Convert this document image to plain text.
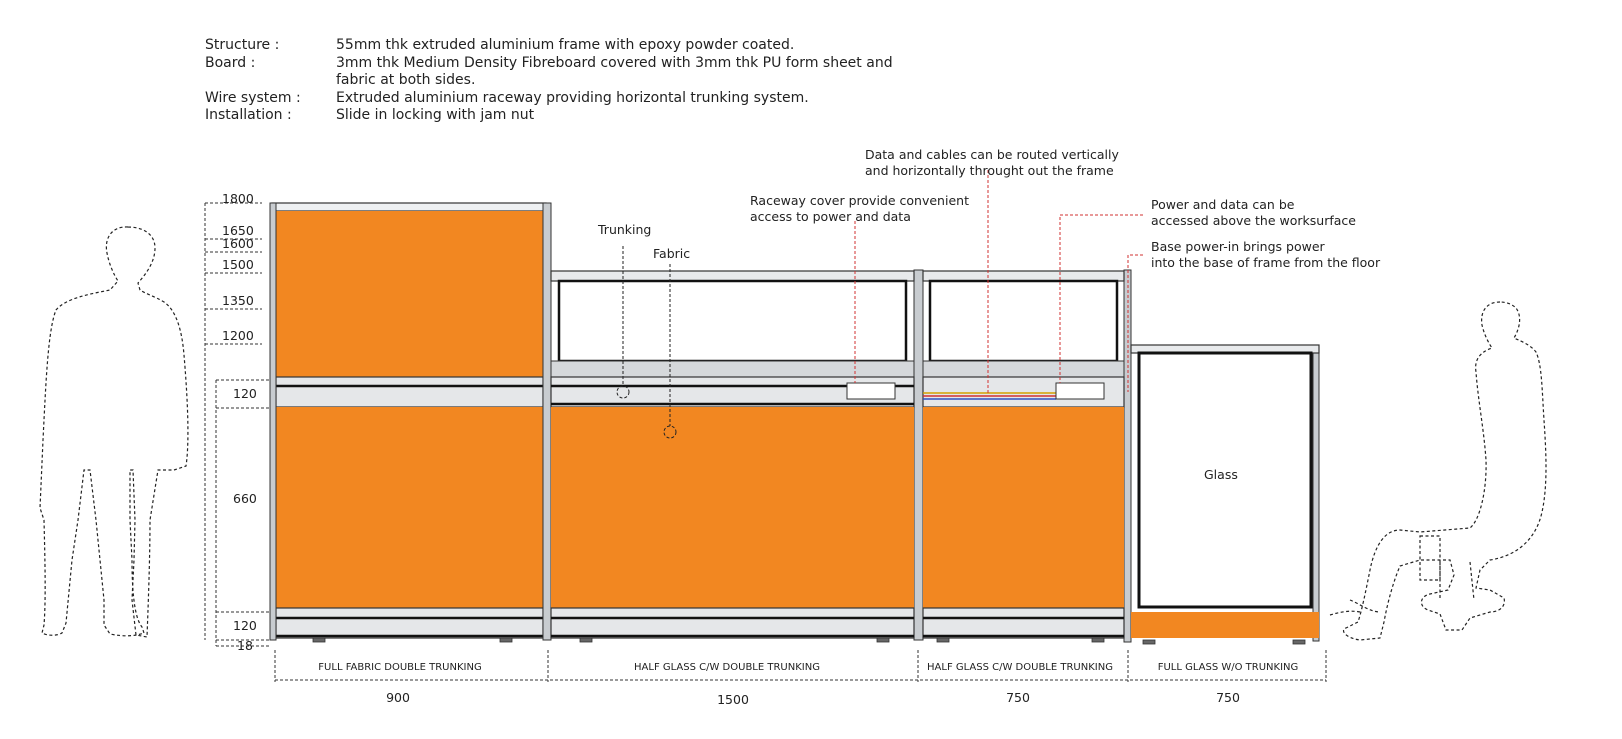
Structure :	55mm thk extruded aluminium frame with epoxy powder coated.
Board :	3mm thk Medium Density Fibreboard covered with 3mm thk PU form sheet and fabric at both sides.
Wire system :	Extruded aluminium raceway providing horizontal trunking system.
Installation :	Slide in locking with jam nut
1800
1650
1600
1500
1350
1200
120
660
120
18
Trunking
Fabric
Raceway cover provide convenient
access to power and data
Data and cables can be routed vertically
and horizontally throught out the frame
Power and data can be
accessed above the worksurface
Base power-in brings power
into the base of frame from the floor
Glass
FULL FABRIC DOUBLE TRUNKING	HALF GLASS C/W DOUBLE TRUNKING	HALF GLASS C/W DOUBLE TRUNKING	FULL GLASS W/O TRUNKING
900	1500	750	750
